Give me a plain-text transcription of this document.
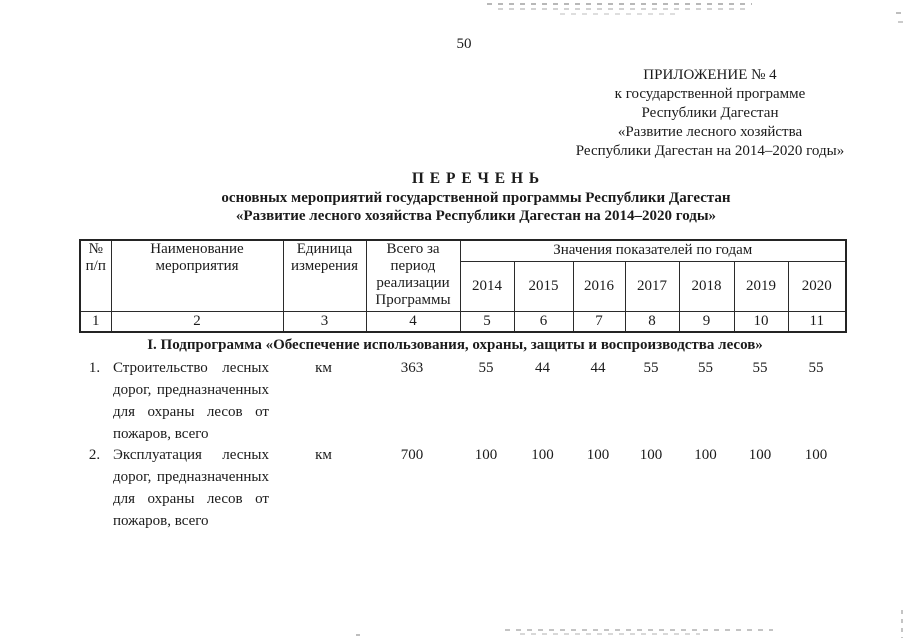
50
ПРИЛОЖЕНИЕ № 4
к государственной программе
Республики Дагестан
«Развитие лесного хозяйства
Республики Дагестан на 2014–2020 годы»
П Е Р Е Ч Е Н Ь
основных мероприятий государственной программы Республики Дагестан
«Развитие лесного хозяйства Республики Дагестан на 2014–2020 годы»
№ п/п	Наименование мероприятия	Единица измерения	Всего за период реализации Программы	Значения показателей по годам						
				2014	2015	2016	2017	2018	2019	2020
1	2	3	4	5	6	7	8	9	10	11
I. Подпрограмма «Обеспечение использования, охраны, защиты и воспроизводства лесов»
1. Строительство лесных
дорог, предназначенных
для охраны лесов от
пожаров, всего
км	363	55	44	44	55	55	55	55
2. Эксплуатация лесных
дорог, предназначенных
для охраны лесов от
пожаров, всего
км	700	100	100	100	100	100	100	100
